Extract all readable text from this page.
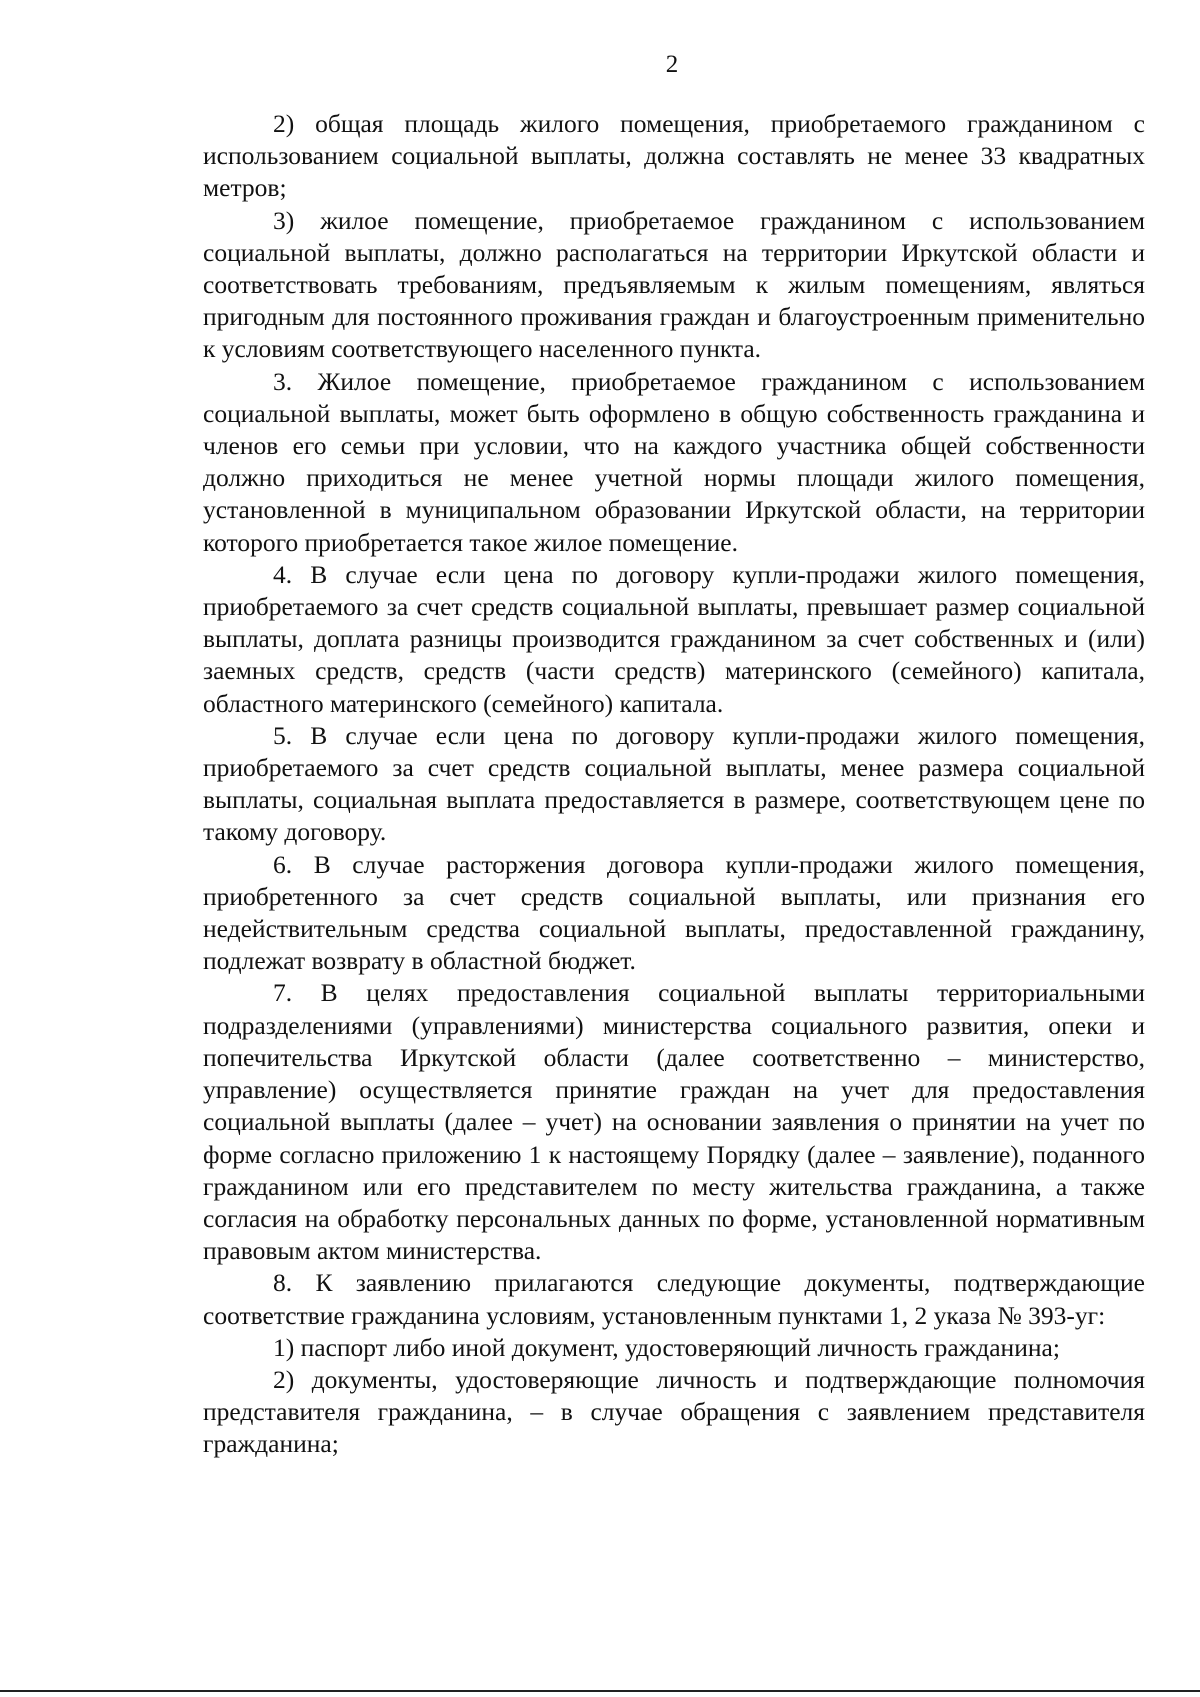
2

2) общая площадь жилого помещения, приобретаемого гражданином с использованием социальной выплаты, должна составлять не менее 33 квадратных метров;

3) жилое помещение, приобретаемое гражданином с использованием социальной выплаты, должно располагаться на территории Иркутской области и соответствовать требованиям, предъявляемым к жилым помещениям, являться пригодным для постоянного проживания граждан и благоустроенным применительно к условиям соответствующего населенного пункта.

3. Жилое помещение, приобретаемое гражданином с использованием социальной выплаты, может быть оформлено в общую собственность гражданина и членов его семьи при условии, что на каждого участника общей собственности должно приходиться не менее учетной нормы площади жилого помещения, установленной в муниципальном образовании Иркутской области, на территории которого приобретается такое жилое помещение.

4. В случае если цена по договору купли-продажи жилого помещения, приобретаемого за счет средств социальной выплаты, превышает размер социальной выплаты, доплата разницы производится гражданином за счет собственных и (или) заемных средств, средств (части средств) материнского (семейного) капитала, областного материнского (семейного) капитала.

5. В случае если цена по договору купли-продажи жилого помещения, приобретаемого за счет средств социальной выплаты, менее размера социальной выплаты, социальная выплата предоставляется в размере, соответствующем цене по такому договору.

6. В случае расторжения договора купли-продажи жилого помещения, приобретенного за счет средств социальной выплаты, или признания его недействительным средства социальной выплаты, предоставленной гражданину, подлежат возврату в областной бюджет.

7. В целях предоставления социальной выплаты территориальными подразделениями (управлениями) министерства социального развития, опеки и попечительства Иркутской области (далее соответственно – министерство, управление) осуществляется принятие граждан на учет для предоставления социальной выплаты (далее – учет) на основании заявления о принятии на учет по форме согласно приложению 1 к настоящему Порядку (далее – заявление), поданного гражданином или его представителем по месту жительства гражданина, а также согласия на обработку персональных данных по форме, установленной нормативным правовым актом министерства.

8. К заявлению прилагаются следующие документы, подтверждающие соответствие гражданина условиям, установленным пунктами 1, 2 указа № 393-уг:

1) паспорт либо иной документ, удостоверяющий личность гражданина;

2) документы, удостоверяющие личность и подтверждающие полномочия представителя гражданина, – в случае обращения с заявлением представителя гражданина;
